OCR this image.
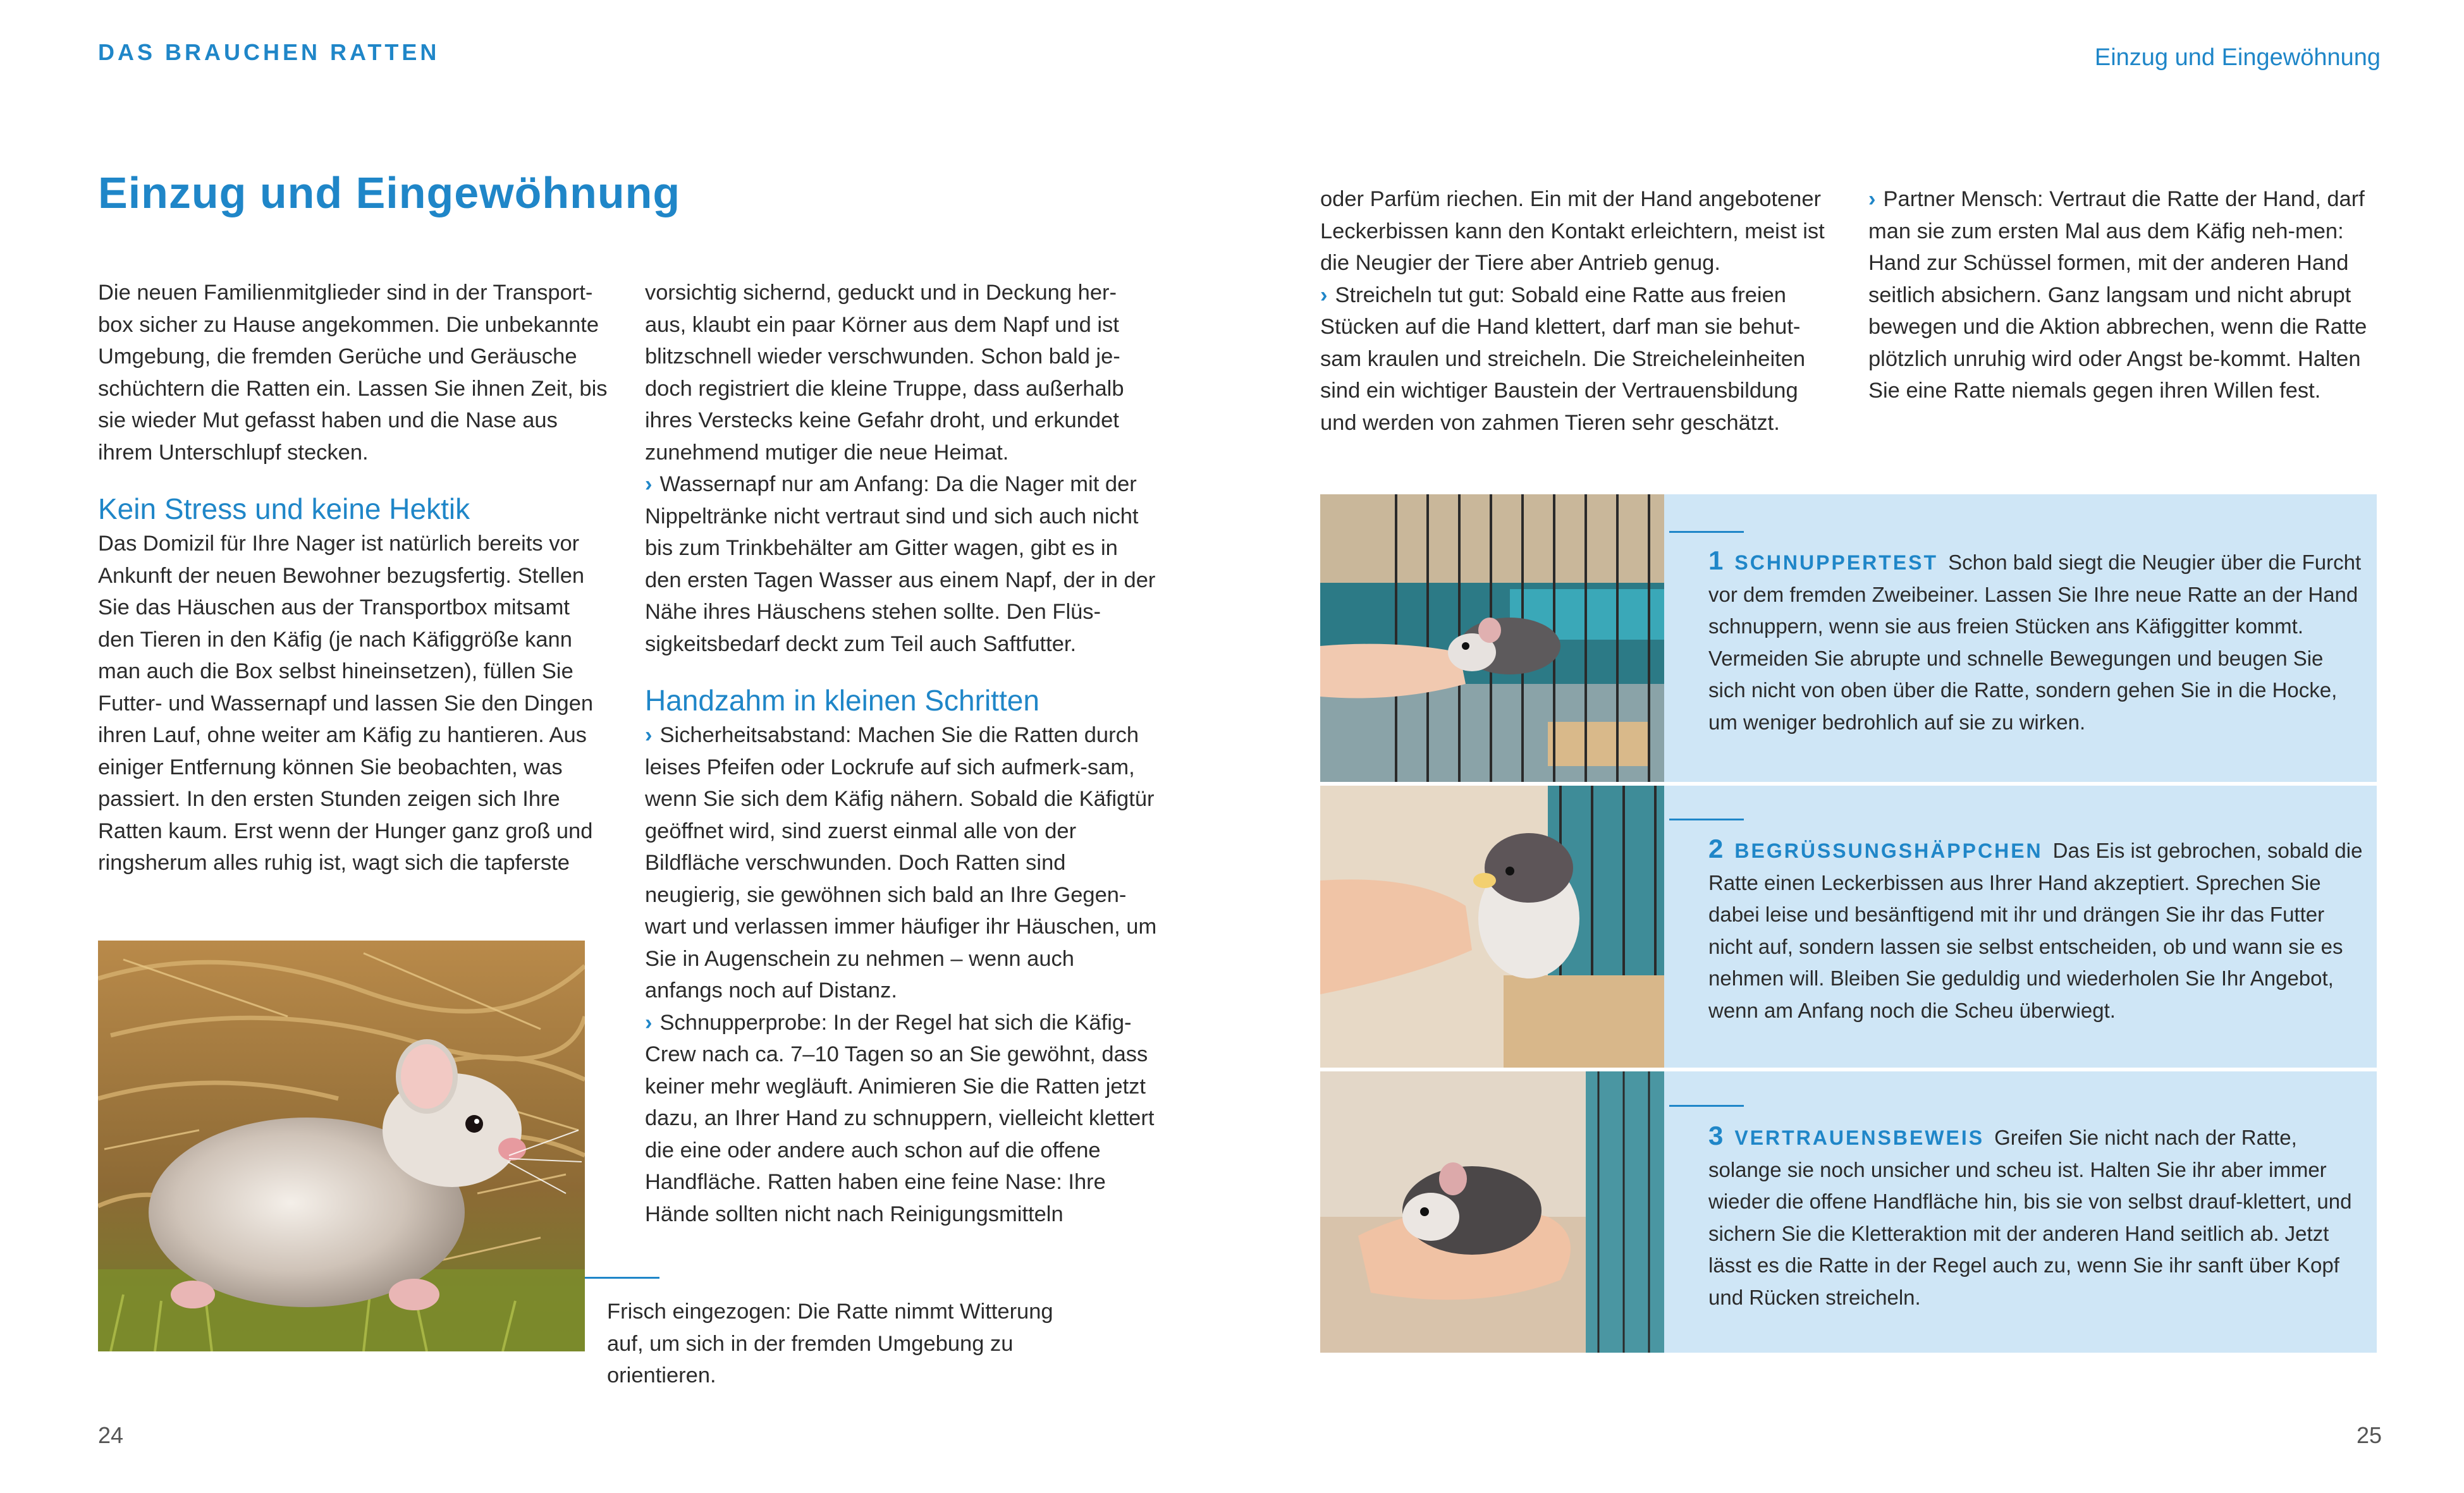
DAS BRAUCHEN RATTEN	Einzug und Eingewöhnung
Einzug und Eingewöhnung

Die neuen Familienmitglieder sind in der Transport-box sicher zu Hause angekommen. Die unbekannte Umgebung, die fremden Gerüche und Geräusche schüchtern die Ratten ein. Lassen Sie ihnen Zeit, bis sie wieder Mut gefasst haben und die Nase aus ihrem Unterschlupf stecken.

Kein Stress und keine Hektik

Das Domizil für Ihre Nager ist natürlich bereits vor Ankunft der neuen Bewohner bezugsfertig. Stellen Sie das Häuschen aus der Transportbox mitsamt den Tieren in den Käfig (je nach Käfiggröße kann man auch die Box selbst hineinsetzen), füllen Sie Futter- und Wassernapf und lassen Sie den Dingen ihren Lauf, ohne weiter am Käfig zu hantieren. Aus einiger Entfernung können Sie beobachten, was passiert. In den ersten Stunden zeigen sich Ihre Ratten kaum. Erst wenn der Hunger ganz groß und ringsherum alles ruhig ist, wagt sich die tapferste

Frisch eingezogen: Die Ratte nimmt Witterung auf, um sich in der fremden Umgebung zu orientieren.

vorsichtig sichernd, geduckt und in Deckung her-aus, klaubt ein paar Körner aus dem Napf und ist blitzschnell wieder verschwunden. Schon bald je-doch registriert die kleine Truppe, dass außerhalb ihres Verstecks keine Gefahr droht, und erkundet zunehmend mutiger die neue Heimat.

› Wassernapf nur am Anfang: Da die Nager mit der Nippeltränke nicht vertraut sind und sich auch nicht bis zum Trinkbehälter am Gitter wagen, gibt es in den ersten Tagen Wasser aus einem Napf, der in der Nähe ihres Häuschens stehen sollte. Den Flüs-sigkeitsbedarf deckt zum Teil auch Saftfutter.

Handzahm in kleinen Schritten

› Sicherheitsabstand: Machen Sie die Ratten durch leises Pfeifen oder Lockrufe auf sich aufmerk-sam, wenn Sie sich dem Käfig nähern. Sobald die Käfigtür geöffnet wird, sind zuerst einmal alle von der Bildfläche verschwunden. Doch Ratten sind neugierig, sie gewöhnen sich bald an Ihre Gegen-wart und verlassen immer häufiger ihr Häuschen, um Sie in Augenschein zu nehmen – wenn auch anfangs noch auf Distanz.

› Schnupperprobe: In der Regel hat sich die Käfig-Crew nach ca. 7–10 Tagen so an Sie gewöhnt, dass keiner mehr wegläuft. Animieren Sie die Ratten jetzt dazu, an Ihrer Hand zu schnuppern, vielleicht klettert die eine oder andere auch schon auf die offene Handfläche. Ratten haben eine feine Nase: Ihre Hände sollten nicht nach Reinigungsmitteln

oder Parfüm riechen. Ein mit der Hand angebotener Leckerbissen kann den Kontakt erleichtern, meist ist die Neugier der Tiere aber Antrieb genug.

› Streicheln tut gut: Sobald eine Ratte aus freien Stücken auf die Hand klettert, darf man sie behut-sam kraulen und streicheln. Die Streicheleinheiten sind ein wichtiger Baustein der Vertrauensbildung und werden von zahmen Tieren sehr geschätzt.

› Partner Mensch: Vertraut die Ratte der Hand, darf man sie zum ersten Mal aus dem Käfig neh-men: Hand zur Schüssel formen, mit der anderen Hand seitlich absichern. Ganz langsam und nicht abrupt bewegen und die Aktion abbrechen, wenn die Ratte plötzlich unruhig wird oder Angst be-kommt. Halten Sie eine Ratte niemals gegen ihren Willen fest.

1 SCHNUPPERTEST Schon bald siegt die Neugier über die Furcht vor dem fremden Zweibeiner. Lassen Sie Ihre neue Ratte an der Hand schnuppern, wenn sie aus freien Stücken ans Käfiggitter kommt. Vermeiden Sie abrupte und schnelle Bewegungen und beugen Sie sich nicht von oben über die Ratte, sondern gehen Sie in die Hocke, um weniger bedrohlich auf sie zu wirken.
2 BEGRÜSSUNGSHÄPPCHEN Das Eis ist gebrochen, sobald die Ratte einen Leckerbissen aus Ihrer Hand akzeptiert. Sprechen Sie dabei leise und besänftigend mit ihr und drängen Sie ihr das Futter nicht auf, sondern lassen sie selbst entscheiden, ob und wann sie es nehmen will. Bleiben Sie geduldig und wiederholen Sie Ihr Angebot, wenn am Anfang noch die Scheu überwiegt.
3 VERTRAUENSBEWEIS Greifen Sie nicht nach der Ratte, solange sie noch unsicher und scheu ist. Halten Sie ihr aber immer wieder die offene Handfläche hin, bis sie von selbst drauf-klettert, und sichern Sie die Kletteraktion mit der anderen Hand seitlich ab. Jetzt lässt es die Ratte in der Regel auch zu, wenn Sie ihr sanft über Kopf und Rücken streicheln.
24	25
